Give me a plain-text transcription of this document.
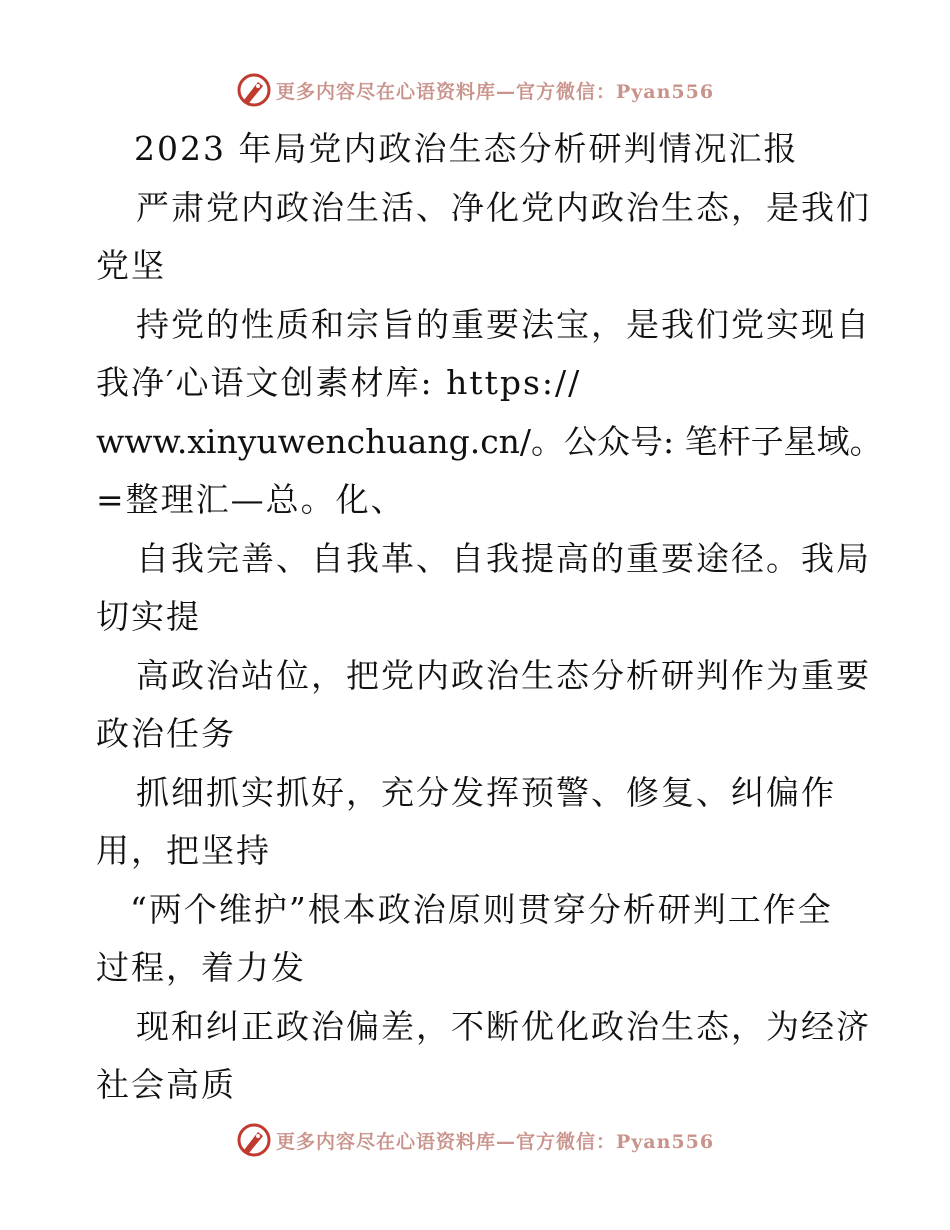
更多内容尽在心语资料库—官方微信：Pyan556
2023 年局党内政治生态分析研判情况汇报
严肃党内政治生活、净化党内政治生态，是我们
党坚
持党的性质和宗旨的重要法宝，是我们党实现自
我净′心语文创素材库: https://
www.xinyuwenchuang.cn/。公众号: 笔杆子星域。
=整理汇—总。化、
自我完善、自我革、自我提高的重要途径。我局
切实提
高政治站位，把党内政治生态分析研判作为重要
政治任务
抓细抓实抓好，充分发挥预警、修复、纠偏作
用，把坚持
“两个维护”根本政治原则贯穿分析研判工作全
过程，着力发
现和纠正政治偏差，不断优化政治生态，为经济
社会高质
更多内容尽在心语资料库—官方微信：Pyan556
